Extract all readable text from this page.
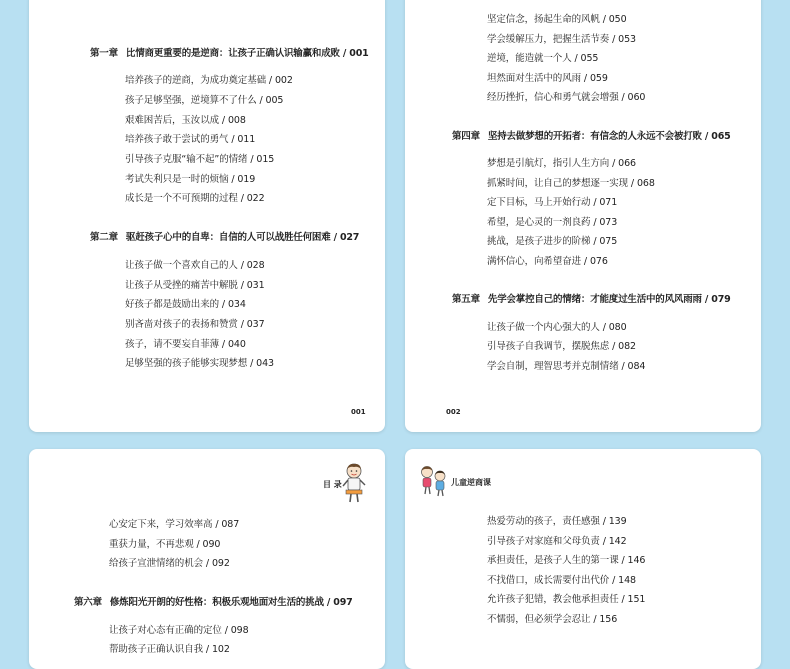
第一章 比情商更重要的是逆商：让孩子正确认识输赢和成败 / 001
培养孩子的逆商，为成功奠定基础 / 002
孩子足够坚强，逆境算不了什么 / 005
艰难困苦后，玉汝以成 / 008
培养孩子敢于尝试的勇气 / 011
引导孩子克服“输不起”的情绪 / 015
考试失利只是一时的烦恼 / 019
成长是一个不可预期的过程 / 022
第二章 驱赶孩子心中的自卑：自信的人可以战胜任何困难 / 027
让孩子做一个喜欢自己的人 / 028
让孩子从受挫的痛苦中解脱 / 031
好孩子都是鼓励出来的 / 034
别吝啬对孩子的表扬和赞赏 / 037
孩子，请不要妄自菲薄 / 040
足够坚强的孩子能够实现梦想 / 043
001
坚定信念，扬起生命的风帆 / 050
学会缓解压力，把握生活节奏 / 053
逆境，能造就一个人 / 055
坦然面对生活中的风雨 / 059
经历挫折，信心和勇气就会增强 / 060
第四章 坚持去做梦想的开拓者：有信念的人永远不会被打败 / 065
梦想是引航灯，指引人生方向 / 066
抓紧时间，让自己的梦想逐一实现 / 068
定下目标，马上开始行动 / 071
希望，是心灵的一剂良药 / 073
挑战，是孩子进步的阶梯 / 075
满怀信心，向希望奋进 / 076
第五章 先学会掌控自己的情绪：才能度过生活中的风风雨雨 / 079
让孩子做一个内心强大的人 / 080
引导孩子自我调节，摆脱焦虑 / 082
学会自制，理智思考并克制情绪 / 084
002
目 录
心安定下来，学习效率高 / 087
重获力量，不再悲观 / 090
给孩子宣泄情绪的机会 / 092
第六章 修炼阳光开朗的好性格：积极乐观地面对生活的挑战 / 097
让孩子对心态有正确的定位 / 098
帮助孩子正确认识自我 / 102
儿童逆商课
热爱劳动的孩子，责任感强 / 139
引导孩子对家庭和父母负责 / 142
承担责任，是孩子人生的第一课 / 146
不找借口，成长需要付出代价 / 148
允许孩子犯错，教会他承担责任 / 151
不懦弱，但必须学会忍让 / 156
